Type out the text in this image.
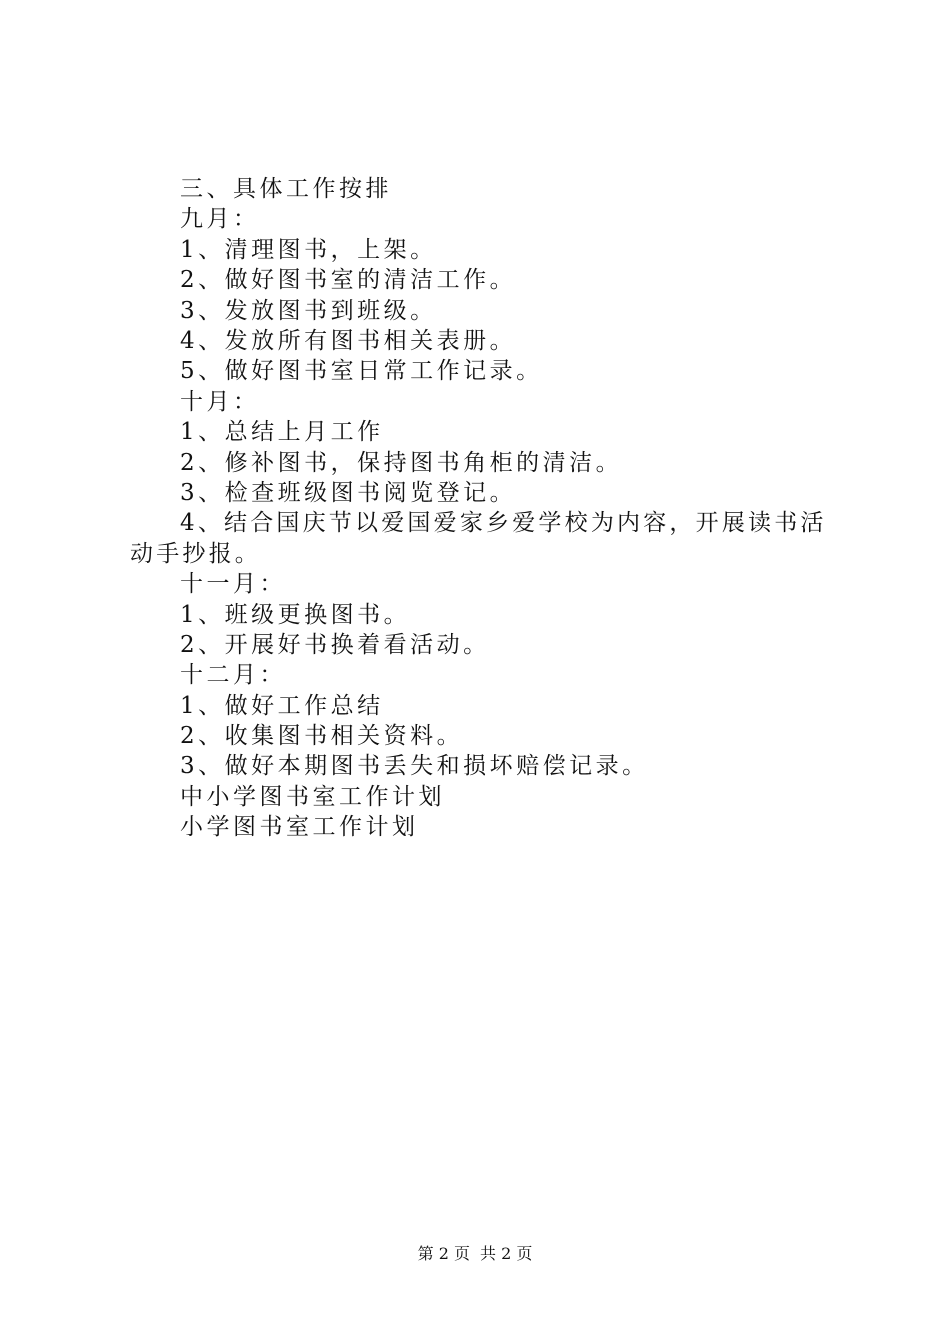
三、具体工作按排
九月：
1、清理图书，上架。
2、做好图书室的清洁工作。
3、发放图书到班级。
4、发放所有图书相关表册。
5、做好图书室日常工作记录。
十月：
1、总结上月工作
2、修补图书，保持图书角柜的清洁。
3、检查班级图书阅览登记。
4、结合国庆节以爱国爱家乡爱学校为内容，开展读书活动手抄报。
十一月：
1、班级更换图书。
2、开展好书换着看活动。
十二月：
1、做好工作总结
2、收集图书相关资料。
3、做好本期图书丢失和损坏赔偿记录。
中小学图书室工作计划
小学图书室工作计划
第 2 页 共 2 页
